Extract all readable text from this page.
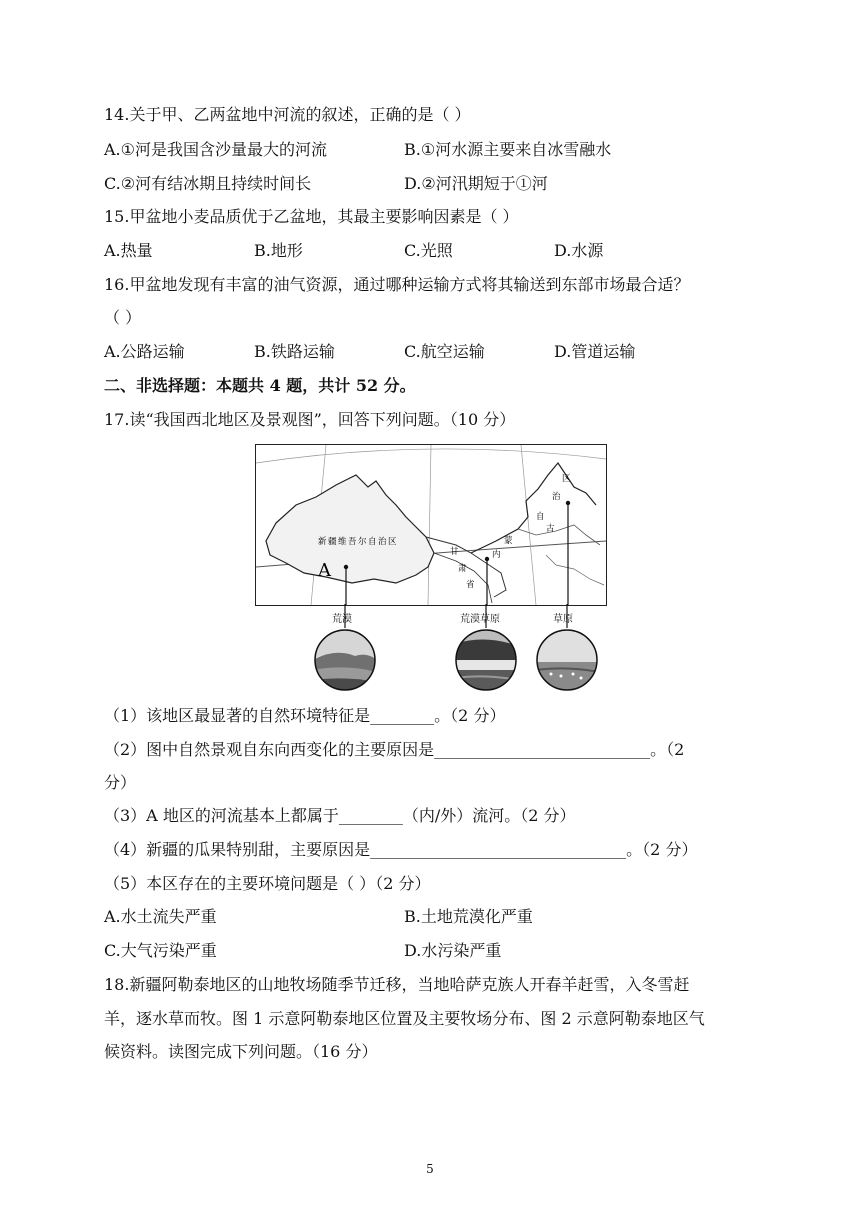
14.关于甲、乙两盆地中河流的叙述，正确的是（ ）
A.①河是我国含沙量最大的河流	B.①河水源主要来自冰雪融水
C.②河有结冰期且持续时间长	D.②河汛期短于①河
15.甲盆地小麦品质优于乙盆地，其最主要影响因素是（ ）
A.热量	B.地形	C.光照	D.水源
16.甲盆地发现有丰富的油气资源，通过哪种运输方式将其输送到东部市场最合适？
（ ）
A.公路运输	B.铁路运输	C.航空运输	D.管道运输
二、非选择题：本题共 4 题，共计 52 分。
17.读“我国西北地区及景观图”，回答下列问题。（10 分）
新疆维吾尔自治区
A
甘
肃
省
内
蒙
古
自
治
区
荒漠	荒漠草原	草原
（1）该地区最显著的自然环境特征是________。（2 分）
（2）图中自然景观自东向西变化的主要原因是___________________________。（2
分）
（3）A 地区的河流基本上都属于________（内/外）流河。（2 分）
（4）新疆的瓜果特别甜，主要原因是________________________________。（2 分）
（5）本区存在的主要环境问题是（ ）（2 分）
A.水土流失严重	B.土地荒漠化严重
C.大气污染严重	D.水污染严重
18.新疆阿勒泰地区的山地牧场随季节迁移，当地哈萨克族人开春羊赶雪，入冬雪赶
羊，逐水草而牧。图 1 示意阿勒泰地区位置及主要牧场分布、图 2 示意阿勒泰地区气
候资料。读图完成下列问题。（16 分）
5
